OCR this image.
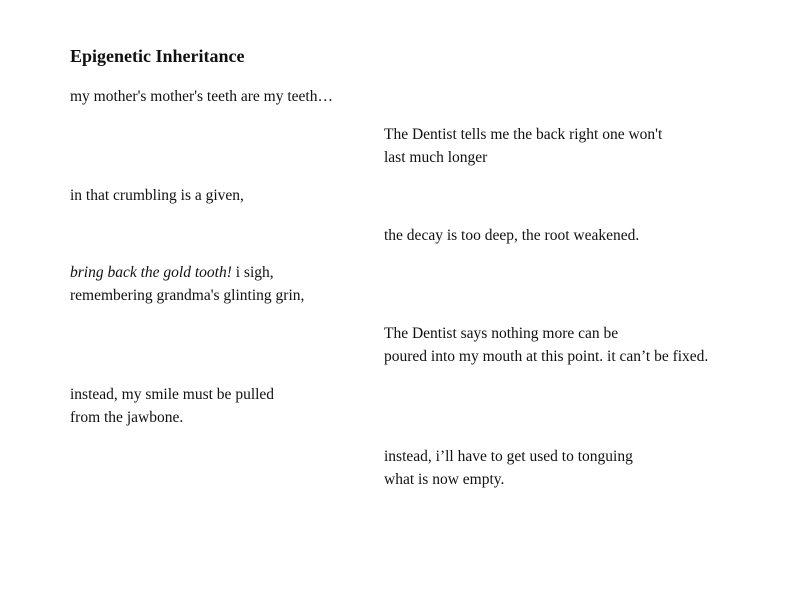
Epigenetic Inheritance

my mother's mother's teeth are my teeth…

The Dentist tells me the back right one won't
last much longer

in that crumbling is a given,

the decay is too deep, the root weakened.

bring back the gold tooth! i sigh,
remembering grandma's glinting grin,

The Dentist says nothing more can be
poured into my mouth at this point. it can’t be fixed.

instead, my smile must be pulled
from the jawbone.

instead, i’ll have to get used to tonguing
what is now empty.
